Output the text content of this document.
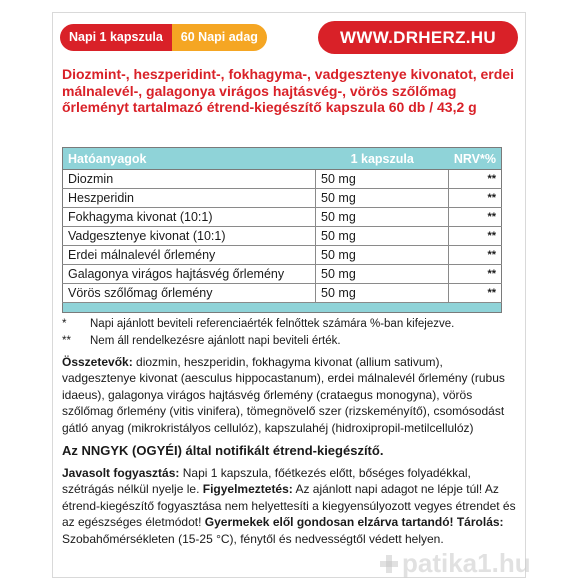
Napi 1 kapszula	60 Napi adag	WWW.DRHERZ.HU
Diozmint-, heszperidint-, fokhagyma-, vadgesztenye kivonatot, erdei málnalevél-, galagonya virágos hajtásvég-, vörös szőlőmag őrleményt tartalmazó étrend-kiegészítő kapszula 60 db / 43,2 g
Hatóanyagok	1 kapszula	NRV*%
Diozmin	50 mg	**
Heszperidin	50 mg	**
Fokhagyma kivonat (10:1)	50 mg	**
Vadgesztenye kivonat (10:1)	50 mg	**
Erdei málnalevél őrlemény	50 mg	**
Galagonya virágos hajtásvég őrlemény	50 mg	**
Vörös szőlőmag őrlemény	50 mg	**

*	Napi ajánlott beviteli referenciaérték felnőttek számára %-ban kifejezve.
**	Nem áll rendelkezésre ajánlott napi beviteli érték.

Összetevők: diozmin, heszperidin, fokhagyma kivonat (allium sativum), vadgesztenye kivonat (aesculus hippocastanum), erdei málnalevél őrlemény (rubus idaeus), galagonya virágos hajtásvég őrlemény (crataegus monogyna), vörös szőlőmag őrlemény (vitis vinifera), tömegnövelő szer (rizskeményítő), csomósodást gátló anyag (mikrokristályos cellulóz), kapszulahéj (hidroxipropil-metilcellulóz)

Az NNGYK (OGYÉI) által notifikált étrend-kiegészítő.

Javasolt fogyasztás: Napi 1 kapszula, főétkezés előtt, bőséges folyadékkal, szétrágás nélkül nyelje le. Figyelmeztetés: Az ajánlott napi adagot ne lépje túl! Az étrend-kiegészítő fogyasztása nem helyettesíti a kiegyensúlyozott vegyes étrendet és az egészséges életmódot! Gyermekek elől gondosan elzárva tartandó! Tárolás: Szobahőmérsékleten (15-25 °C), fénytől és nedvességtől védett helyen.

patika1.hu
